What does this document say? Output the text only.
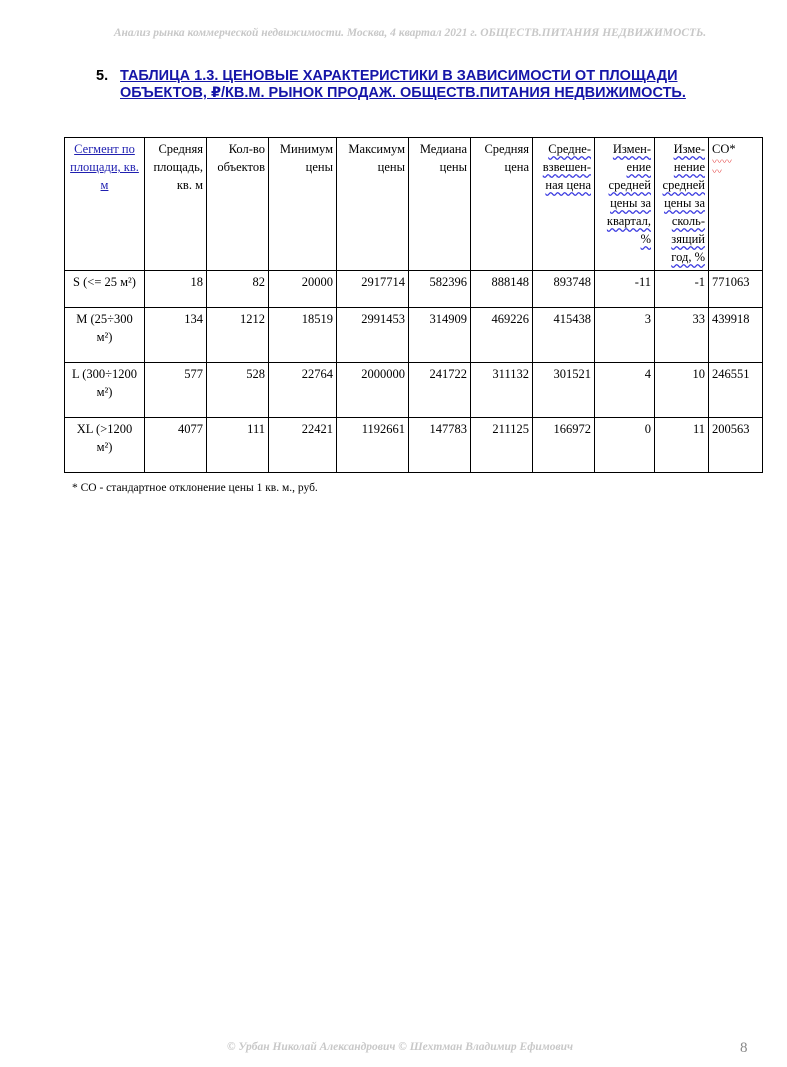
Анализ рынка коммерческой недвижимости. Москва, 4 квартал 2021 г. ОБЩЕСТВ.ПИТАНИЯ НЕДВИЖИМОСТЬ.
5. ТАБЛИЦА 1.3. ЦЕНОВЫЕ ХАРАКТЕРИСТИКИ В ЗАВИСИМОСТИ ОТ ПЛОЩАДИ ОБЪЕКТОВ, ₽/КВ.М. РЫНОК ПРОДАЖ. ОБЩЕСТВ.ПИТАНИЯ НЕДВИЖИМОСТЬ.
Сегмент по площади, кв. м	Средняя площадь, кв. м	Кол-во объектов	Минимум цены	Максимум цены	Медиана цены	Средняя цена	Средне-взвешен-ная цена	Измен-ение средней цены за квартал, %	Изме-нение средней цены за сколь-зящий год, %	СО*
〰〰
〰

S (<= 25 м²)	18	82	20000	2917714	582396	888148	893748	-11	-1	771063
M (25÷300 м²)	134	1212	18519	2991453	314909	469226	415438	3	33	439918
L (300÷1200 м²)	577	528	22764	2000000	241722	311132	301521	4	10	246551
XL (>1200 м²)	4077	111	22421	1192661	147783	211125	166972	0	11	200563
* СО - стандартное отклонение цены 1 кв. м., руб.
© Урбан Николай Александрович © Шехтман Владимир Ефимович	8
